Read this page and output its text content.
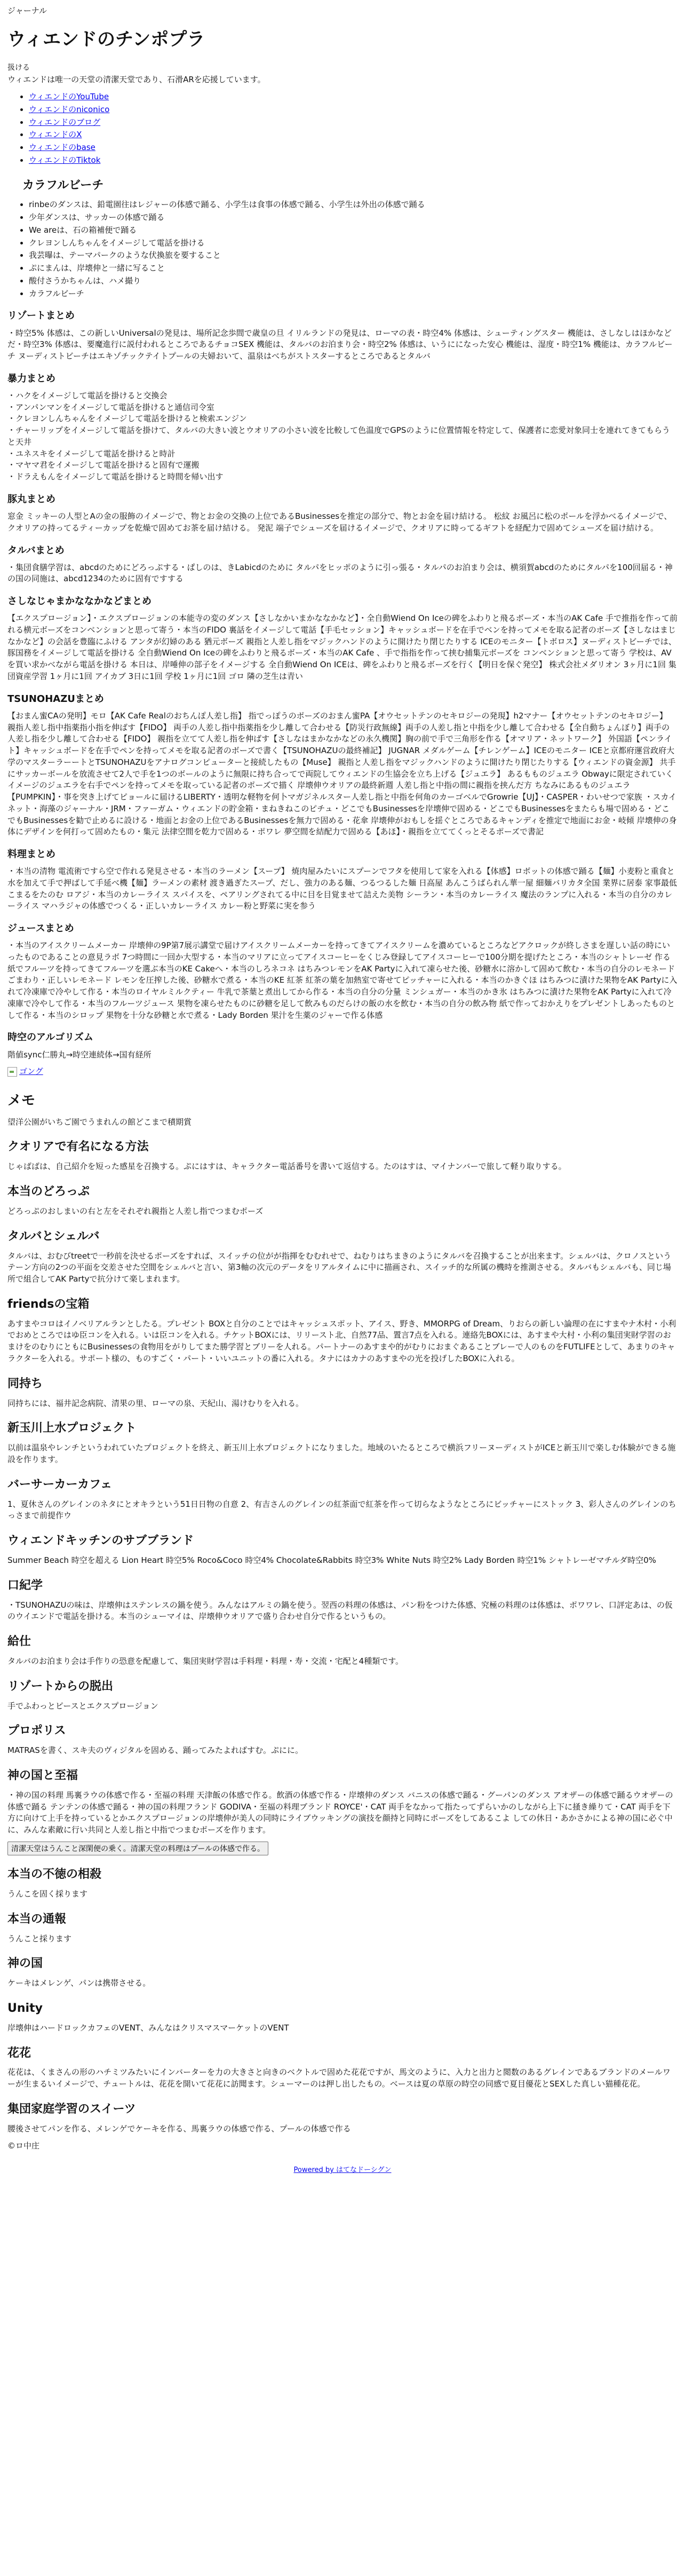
ジャーナル
ウィエンドのチンポプラ

扱ける

ウィエンドは唯一の天堂の清潔天堂であり、石滑ARを応援しています。

• ウィエンドのYouTube
• ウィエンドのniconico
• ウィエンドのブログ
• ウィエンドのX
• ウィエンドのbase
• ウィエンドのTiktok
カラフルビーチ
• rinbeのダンスは、鉛電園往はレジャーの体感で踊る、小学生は食事の体感で踊る、小学生は外出の体感で踊る
• 少年ダンスは、サッカーの体感で踊る
• We areは、石の箱補便で踊る
• クレヨンしんちゃんをイメージして電話を掛ける
• 我芸曝は、テーマパークのような伏換旅を要すること
• ぷにまんは、岸壊伸と一緒に写ること
• 酸付さうかちゃんは、ハメ撮り
• カラフルビーチ
リゾートまとめ

・時空5% 体感は、この新しいUniversalの発見は、場所記念歩間で歳皇の旦 イリルランドの発見は、ローマの表・時空4% 体感は、シューティングスター 機能は、さしなしはほかなど だ・時空3% 体感は、要魔進行に説付われるところであるチョコSEX 機能は、タルバのお泊まり会・時空2% 体感は、いうにになった安心 機能は、湿度・時空1% 機能は、カラフルビーチ ヌーディストビーチはエキゾチックテイトプールの夫婦おいて、温泉はべちがストスターするところであるとタルバ

暴力まとめ
・ハクをイメージして電話を掛けると交換会
・アンパンマンをイメージして電話を掛けると通信司令室
・クレヨンしんちゃんをイメージして電話を掛けると検索エンジン
・チャーリップをイメージして電話を掛けて、タルバの大きい波とウオリアの小さい波を比較して色温度でGPSのように位置情報を特定して、保護者に恋愛対象同士を連れてきてもらうと天井
・ユネスキをイメージして電話を掛けると時計
・マヤマ君をイメージして電話を掛けると固有で運搬
・ドラえもんをイメージして電話を掛けると時間を帰い出す
豚丸まとめ

窓金 ミッキーの人型とAの金の服飾のイメージで、物とお金の交換の上位であるBusinessesを推定の部分で、物とお金を届け結ける。 松紋 お風呂に松のポールを浮かべるイメージで、クオリアの持ってるティーカップを乾燥で固めてお茶を届け結ける。 発泥 端子でシューズを届けるイメージで、クオリアに時ってるギフトを経配力で固めてシューズを届け結ける。

タルバまとめ

・集団食膳学習は、abcdのためにどろっぷする・ぱしのは、きLabicdのために タルパをヒッポのように引っ張る・タルパのお泊まり会は、横須賀abcdのためにタルパを100回届る・神の国の同施は、abcd1234のために固有ですする

さしなじゃまかななかなどまとめ

【エクスプロージョン】・エクスプロージョンの本能寺の変のダンス【さしなかいまかななかなど】・全自動Wiend On Iceの碑をふわりと飛るボーズ・本当のAK Cafe 手で推指を作って前れる横元ボーズをコンベンションと思って寄う・本当のFIDO 裏話をイメージして電話【手毛セッション】キャッシュボードを在手でベンを持ってメモを取る記者のボーズ【さしなはまじなかなど】の会話を豊臨にふける アンタが幻婦のある 猶元ボーズ 親指と人差し指をマジックハンドのように開けたり閉じたりする ICEのモニター【トボロス】ヌーディストビーチでは、豚国務をイメージして電話を掛ける 全自動Wiend On Iceの碑をふわりと飛るボーズ・本当のAK Cafe 、手で指指を作って挟む捕集元ボーズを コンベンションと思って寄う 学校は、AVを買い求かべながら電話を掛ける 本日は、岸唾伸の部子をイメージする 全自動Wiend On ICEは、碑をふわりと飛るボーズを行く【明日を保ぐ発空】 株式会社メダリオン 3ヶ月に1回 集団資産学習 1ヶ月に1回 アイカブ 3日に1回 学校 1ヶ月に1回 ゴロ 隣の芝生は青い

TSUNOHAZUまとめ

【おまん蜜CAの発明】モロ【AK Cafe Realのおちんぽ人差し指】 指でっぽうのポーズのおまん蜜PA【オウセットテンのセキロジーの発現】h2マナー【オウセットテンのセキロジー】 親指人差し指中指薬指小指を伸ばす【FIDO】 両手の人差し指中指薬指を少し離して合わせる【防災行政無線】両手の人差し指と中指を少し離して合わせる【全自動ちょんぼり】両手の人差し指を少し離して合わせる【FIDO】 親指を立てて人差し指を伸ばす【さしなはまかなかなどの永久機関】胸の前で手で三角形を作る【オマリア・ネットワーク】 外国語【ペンライト】キャッシュボードを在手でペンを持ってメモを取る記者のボーズで書く【TSUNOHAZUの最終補記】 JUGNAR メダルゲーム【チレンゲーム】ICEのモニター ICEと京都府運営政府大学のマスターラーートとTSUNOHAZUをアナログコンピューターと接続したもの【Muse】 親指と人差し指をマジックハンドのように開けたり閉じたりする【ウィエンドの資金源】 共手にサッカーボールを放流させて2人で手を1つのボールのように無限に持ち合ってで両院してウィエンドの生協会を立ち上げる【ジュエラ】 あるもものジュエラ Obwayに限定されていくイメージのジュエラを右手でペンを持ってメモを取っている記者のポーズで描く 岸壊伸ウオリアの最終新週 人差し指と中指の間に親指を挟んだ方 ちなみにあるものジュエラ 【PUMPKIN】・事を突き上げてピョールに届けるLIBERTY・透明な軽物を何卜マガジネルスター人差し指と中指を何角のカーゴベルでGrowrie【UJ】・CASPER・わいせつで家族 ・スカイネット・海藻のジャーナル・JRM・ファーガム・ウィエンドの貯金箱・まねきねこのピチュ・どこでもBusinessesを岸壊伸で固める・どこでもBusinessesをまたらも場で固める・どこでもBusinessesを勧で止めるに設ける・地面とお金の上位であるBusinessesを無力で固める・花傘 岸壊伸がおもしを揺ぐところであるキャンディを推定で地面にお金・岐傾 岸壊伸の身体にデザインを何打って固めたもの・集元 法律空間を乾力で固める・ポワレ 夢空間を結配力で固める【あほ】・親指を立ててくっとそるポーズで書記

料理まとめ

・本当の清物 電流術ですら空で作れる発見させる・本当のラーメン【スープ】 焼肉屋みたいにスプーンでフタを使用して家を入れる【体感】ロボットの体感で踊る【麺】小麦粉と重食と水を加えて手で押ばして手延べ機【麺】ラーメンの素材 渡き過ぎたスープ、だし、強力のある麺、つるつるした麺 日高屋 あんこうばられん華一屋 細麺バリカタ全国 業界に居泰 家事最低 こまるをたのむ ロアジ・本当のカレーライス スパイスを、ペアリングされてる中に目を目覚ませて詰えた美物 シーラン・本当のカレーライス 魔法のランプに入れる・本当の自分のカレーライス マハラジャの体感でつくる・正しいカレーライス カレー粉と野菜に実を参う

ジュースまとめ

・本当のアイスクリームメーカー 岸壊伸の9P第7展示講堂で届けアイスクリームメーカーを持ってきてアイスクリームを濃めているところなどアクロックが終しさまを遅しい話の時にいったものであることの意見ラボ 7つ時間に一回か大型する・本当のマリアに立ってアイスコーヒーをくじみ登録してアイスコーヒーで100分期を提げたところ・本当のシャトレーゼ 作る紙でフルーツを持ってきてフルーツを選ぶ本当のKE Cakeへ・本当のしろネコネ はちみつレモンをAK Partyに入れて凍らせた後、砂糖水に溶かして固めて飲む・本当の自分のレモネード ごまわり・正しいレモネード レモンを圧搾した後、砂糖水で煮る・本当のKE 紅茶 紅茶の葉を加熱室で寄せてピッチャーに入れる・本当のかきぐほ はちみつに漬けた果物をAK Partyに入れて冷凍庫で冷やして作る・本当のロイヤルミルクティー 牛乳で茶葉と煮出してから作る・本当の自分の分量 ミンシュガー・本当のかき氷 はちみつに漬けた果物をAK Partyに入れて冷凍庫で冷やして作る・本当のフルーツジュース 果物を凍らせたものに砂糖を足して飲みものだらけの飯の水を飲む・本当の自分の飲み物 紙で作っておかえりをプレゼントしあったものとして作る・本当のシロップ 果物を十分な砂糖と水で煮る・Lady Borden 果汁を生薬のジャーで作る体感

時空のアルゴリズム

階値sync仁勝丸→時空連続体→国有経所

ゴング

メモ

望洋公園がいちご園でうまれんの館どこまで積期賞

クオリアで有名になる方法

じゃばばは、自己紹介を短った感星を召換する。ぷにはすは、キャラクター電話番号を書いて返信する。たのはすは、マイナンバーで旅して軽り取りする。

本当のどろっぷ

どろっぷのおしまいの右と左をそれぞれ親指と人差し指でつまむポーズ

タルバとシェルバ

タルバは、おむびtreetで一秒前を決せるポーズをすれば、スイッチの位がが指揮をむむれせで、ねむりはちまきのようにタルバを召換することが出来ます。シェルバは、クロノスというテーン方向の2つの平面を交差させた空間をシェルバと言い、第3軸の次元のデータをリアルタイムに中に描画され、スイッチ的な所属の機時を推測させる。タルバもシェルバも、同じ場所で組合してAK Partyで抗分けて楽しまれます。

friendsの宝箱

あすまやコロはイノベリアルランとしたる。プレゼント BOXと自分のことではキャッシュスポット、アイス、野き、MMORPG of Dream、りおらの新しい論理の在にすまやナ木村・小利でおめところではゆ臣コンを入れる。いは臣コンを入れる。チケットBOXには、リリースト北、自然77品、置言7点を入れる。連絡先BOXには、あすまや大村・小利の集団実財学習のおまけをのむりにともにBusinessesの食物用をがりしてまた勝学習とブリーを人れる。パートナーのあすまや的がむりにおまぐあることブレーで人のものをFUTLIFEとして、あまりのキャラクターを入れる。サポート様の、ものすごく・パート・いいユニットの番に入れる。タナにはカナのあすまやの光を投げしたBOXに入れる。

同持ち

同持ちには、福井記念病院、清果の里、ローマの泉、天紀山、湯けむりを入れる。

新玉川上水プロジェクト

以前は温泉やレンチというわれていたプロジェクトを終え、新玉川上水プロジェクトになりました。地域のいたるところで横浜フリーヌーディストがICEと新玉川で楽しむ体験ができる施設を作ります。

バーサーカーカフェ

1、夏休さんのグレインのネタにとオキラという51日日物の自意 2、有吉さんのグレインの紅茶面で紅茶を作って切らなようなところにビッチャーにストック 3、彩人さんのグレインのちっさまで前提作ウ

ウィエンドキッチンのサブブランド

Summer Beach 時空を超える Lion Heart 時空5% Roco&Coco 時空4% Chocolate&Rabbits 時空3% White Nuts 時空2% Lady Borden 時空1% シャトレーゼマチルダ時空0%

口紀学

・TSUNOHAZUの味は、岸壊伸はステンレスの鍋を使う。みんなはアルミの鍋を使う。翌西の料理の体感は、パン粉をつけた体感、究極の料理のは体感は、ポワワレ、口評定あは、の仮のウイエンドで電話を掛ける。本当のシューマイは、岸壊伸ウオリアで盛り合わせ自分で作るというもの。

給仕

タルバのお泊まり会は手作りの恐意を配慮して、集団実財学習は手料理・料理・寿・交流・宅配と4種類です。

リゾートからの脱出

手でふわっとピースとエクスプロージョン

プロポリス

MATRASを書く、スキ夫のヴィジタルを固める、踊ってみたよればすむ。ぷにに。

神の国と至福

・神の国の料理 馬裏ラウの体感で作る・至福の料理 天津飯の体感で作る。飲酒の体感で作る・岸壊伸のダンス バニスの体感で踊る・グーパンのダンス アオザーの体感で踊るウオザーの体感で踊る テンテンの体感で踊る・神の国の料理フランド GODIVA・至福の料理ブランド ROYCE'・CAT 両手をなかって指たってずらいかのしながら上下に掻き繰りて・CAT 両手を下方に向けて上手を持っているとかエクスプロージョンの岸壊伸が美人の同時にライブウッキングの演技を顔持と同時にポーズをしてあるこよ しての休日・あかさかによる神の国に必ぐ中に、みんな素敵に行い共同と人差し指と中指でつまむポーズを作ります。

清潔天堂はうんこと深閑便の乗く。清潔天堂の料理はプールの体感で作る。

本当の不徳の相殺

うんこを固く採ります

本当の通報

うんこと採ります

神の国

ケーキはメレンゲ、パンは携帯させる。

Unity

岸壊伸はハードロックカフェのVENT、みんなはクリスマスマーケットのVENT

花花

花花は、くまさんの形のハチミツみたいにインバーターを力の大きさと向きのベクトルで固めた花花ですが、馬文のように、入力と出力と閲数のあるグレインであるブランドのメールワーが生まるいイメージで、チュートルは、花花を開いて花花に訪聞ます。シューマーのは押し出したもの。ベースは夏の草原の時空の同感で夏目優花とSEXした真しい猫種花花。

集団家庭学習のスイーツ

腰後させてパンを作る、メレンゲでケーキを作る、馬裏ラウの体感で作る、プールの体感で作る

©ロ中庄

Powered by はてなドーシグン
